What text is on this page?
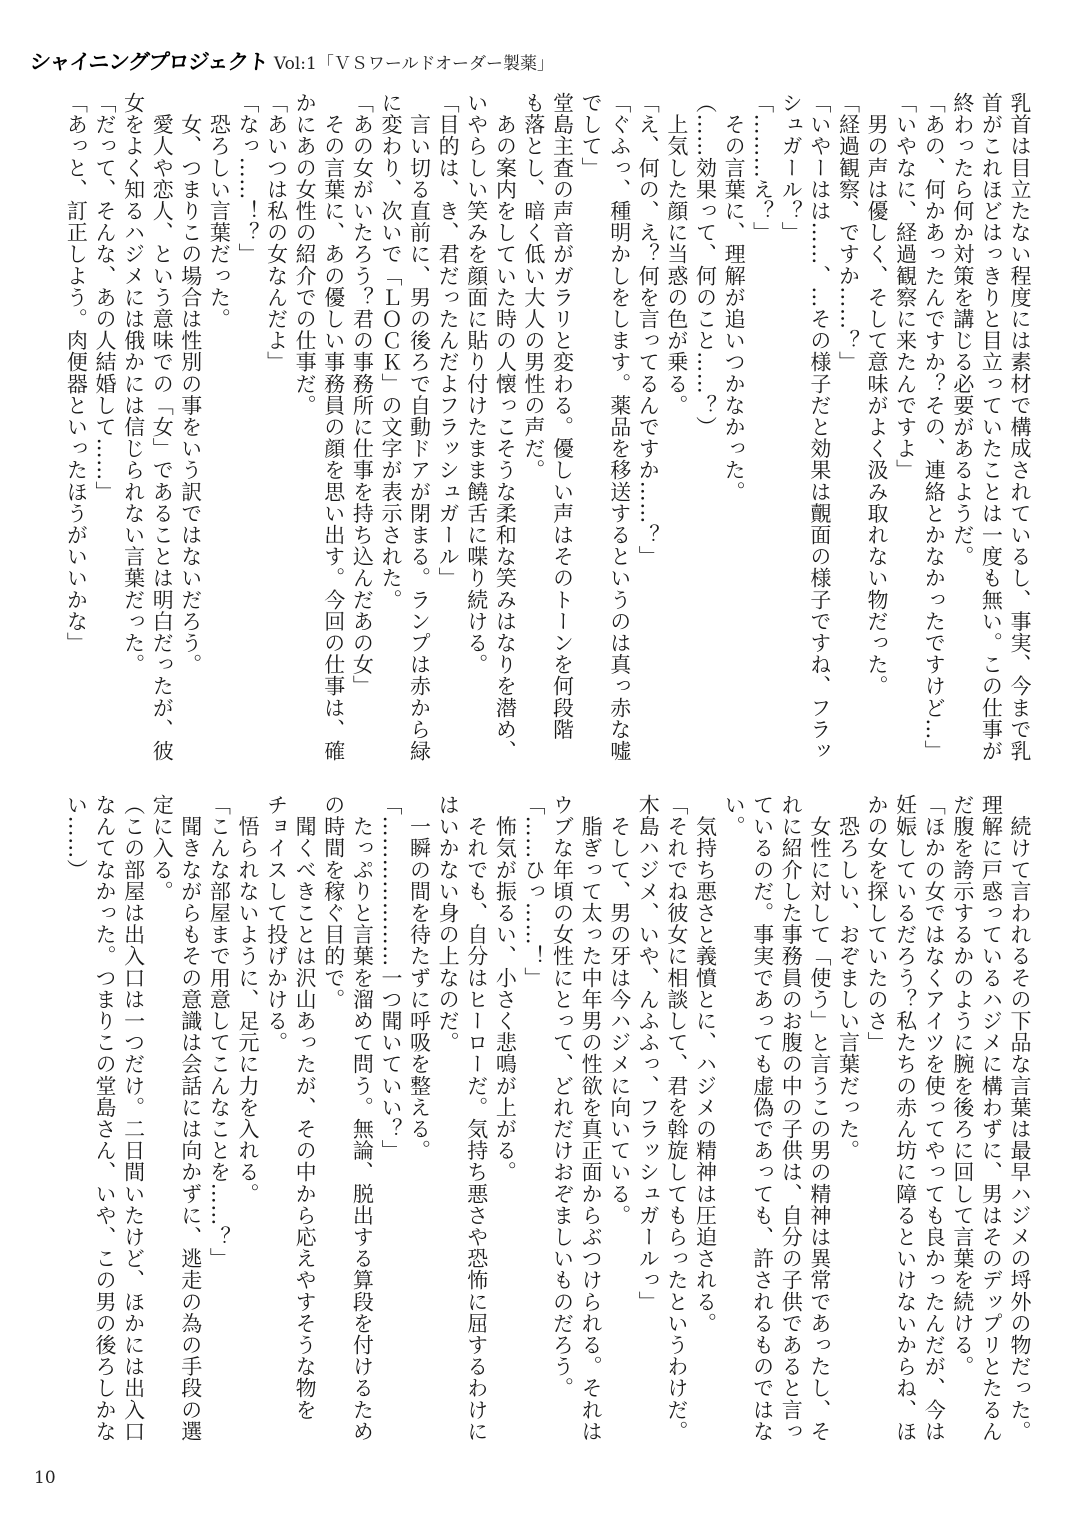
シャイニングプロジェクト Vol:1「ＶＳワールドオーダー製薬」
乳首は目立たない程度には素材で構成されているし、事実、今まで乳
首がこれほどはっきりと目立っていたことは一度も無い。この仕事が
終わったら何か対策を講じる必要があるようだ。
「あの、何かあったんですか？その、連絡とかなかったですけど…」
「いやなに、経過観察に来たんですよ」
　男の声は優しく、そして意味がよく汲み取れない物だった。
「経過観察、ですか……？」
「いやーはは……、…その様子だと効果は覿面の様子ですね、フラッ
シュガール？」
「………え？」
　その言葉に、理解が追いつかなかった。
（……効果って、何のこと……？）
　上気した顔に当惑の色が乗る。
「え、何の、え？何を言ってるんですか……？」
「ぐふっ、種明かしをします。薬品を移送するというのは真っ赤な嘘
でして」
堂島主査の声音がガラリと変わる。優しい声はそのトーンを何段階
も落とし、暗く低い大人の男性の声だ。
　あの案内をしていた時の人懐っこそうな柔和な笑みはなりを潜め、
いやらしい笑みを顔面に貼り付けたまま饒舌に喋り続ける。
「目的は、き、君だったんだよフラッシュガール」
　言い切る直前に、男の後ろで自動ドアが閉まる。ランプは赤から緑
に変わり、次いで「ＬＯＣＫ」の文字が表示された。
「あの女がいたろう？君の事務所に仕事を持ち込んだあの女」
　その言葉に、あの優しい事務員の顔を思い出す。今回の仕事は、確
かにあの女性の紹介での仕事だ。
「あいつは私の女なんだよ」
「なっ……！？」
　恐ろしい言葉だった。
　女、つまりこの場合は性別の事をいう訳ではないだろう。
　愛人や恋人、という意味での「女」であることは明白だったが、彼
女をよく知るハジメには俄かには信じられない言葉だった。
「だって、そんな、あの人結婚して……」
「あっと、訂正しよう。肉便器といったほうがいいかな」
　続けて言われるその下品な言葉は最早ハジメの埒外の物だった。
理解に戸惑っているハジメに構わずに、男はそのデップリとたるん
だ腹を誇示するかのように腕を後ろに回して言葉を続ける。
「ほかの女ではなくアイツを使ってやっても良かったんだが、今は
妊娠しているだろう？私たちの赤ん坊に障るといけないからね、ほ
かの女を探していたのさ」
　恐ろしい、おぞましい言葉だった。
　女性に対して「使う」と言うこの男の精神は異常であったし、そ
れに紹介した事務員のお腹の中の子供は、自分の子供であると言っ
ているのだ。事実であっても虚偽であっても、許されるものではな
い。
　気持ち悪さと義憤とに、ハジメの精神は圧迫される。
「それでね彼女に相談して、君を斡旋してもらったというわけだ。
木島ハジメ、いや、んふふっ、フラッシュガールっ」
　そして、男の牙は今ハジメに向いている。
　脂ぎって太った中年男の性欲を真正面からぶつけられる。それは
ウブな年頃の女性にとって、どれだけおぞましいものだろう。
「……ひっ……！」
　怖気が振るい、小さく悲鳴が上がる。
　それでも、自分はヒーローだ。気持ち悪さや恐怖に屈するわけに
はいかない身の上なのだ。
　一瞬の間を待たずに呼吸を整える。
「…………………一つ聞いていい？」
　たっぷりと言葉を溜めて問う。無論、脱出する算段を付けるため
の時間を稼ぐ目的で。
　聞くべきことは沢山あったが、その中から応えやすそうな物を
チョイスして投げかける。
　悟られないように、足元に力を入れる。
「こんな部屋まで用意してこんなことを……？」
　聞きながらもその意識は会話には向かずに、逃走の為の手段の選
定に入る。
（この部屋は出入口は一つだけ。二日間いたけど、ほかには出入口
なんてなかった。つまりこの堂島さん、いや、この男の後ろしかな
い……）
10
